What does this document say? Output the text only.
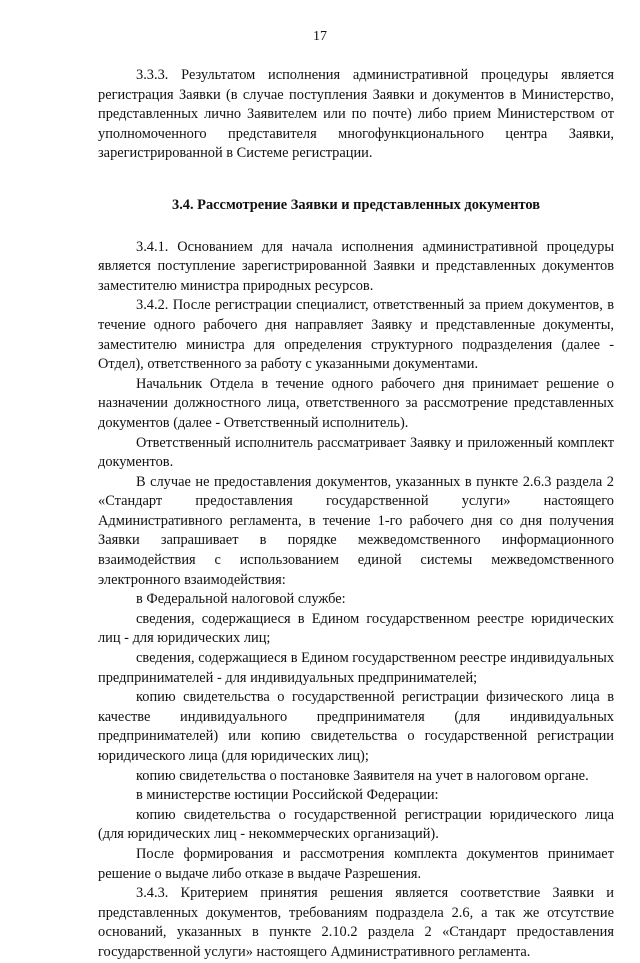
17

3.3.3. Результатом исполнения административной процедуры является регистрация Заявки (в случае поступления Заявки и документов в Министерство, представленных лично Заявителем или по почте) либо прием Министерством от уполномоченного представителя многофункционального центра Заявки, зарегистрированной в Системе регистрации.

3.4. Рассмотрение Заявки и представленных документов

3.4.1. Основанием для начала исполнения административной процедуры является поступление зарегистрированной Заявки и представленных документов заместителю министра природных ресурсов.

3.4.2. После регистрации специалист, ответственный за прием документов, в течение одного рабочего дня направляет Заявку и представленные документы, заместителю министра для определения структурного подразделения (далее - Отдел), ответственного за работу с указанными документами.

Начальник Отдела в течение одного рабочего дня принимает решение о назначении должностного лица, ответственного за рассмотрение представленных документов (далее - Ответственный исполнитель).

Ответственный исполнитель рассматривает Заявку и приложенный комплект документов.

В случае не предоставления документов, указанных в пункте 2.6.3 раздела 2 «Стандарт предоставления государственной услуги» настоящего Административного регламента, в течение 1-го рабочего дня со дня получения Заявки запрашивает в порядке межведомственного информационного взаимодействия с использованием единой системы межведомственного электронного взаимодействия:

в Федеральной налоговой службе:

сведения, содержащиеся в Едином государственном реестре юридических лиц - для юридических лиц;

сведения, содержащиеся в Едином государственном реестре индивидуальных предпринимателей - для индивидуальных предпринимателей;

копию свидетельства о государственной регистрации физического лица в качестве индивидуального предпринимателя (для индивидуальных предпринимателей) или копию свидетельства о государственной регистрации юридического лица (для юридических лиц);

копию свидетельства о постановке Заявителя на учет в налоговом органе.

в министерстве юстиции Российской Федерации:

копию свидетельства о государственной регистрации юридического лица (для юридических лиц - некоммерческих организаций).

После формирования и рассмотрения комплекта документов принимает решение о выдаче либо отказе в выдаче Разрешения.

3.4.3. Критерием принятия решения является соответствие Заявки и представленных документов, требованиям подраздела 2.6, а так же отсутствие оснований, указанных в пункте 2.10.2 раздела 2 «Стандарт предоставления государственной услуги» настоящего Административного регламента.
